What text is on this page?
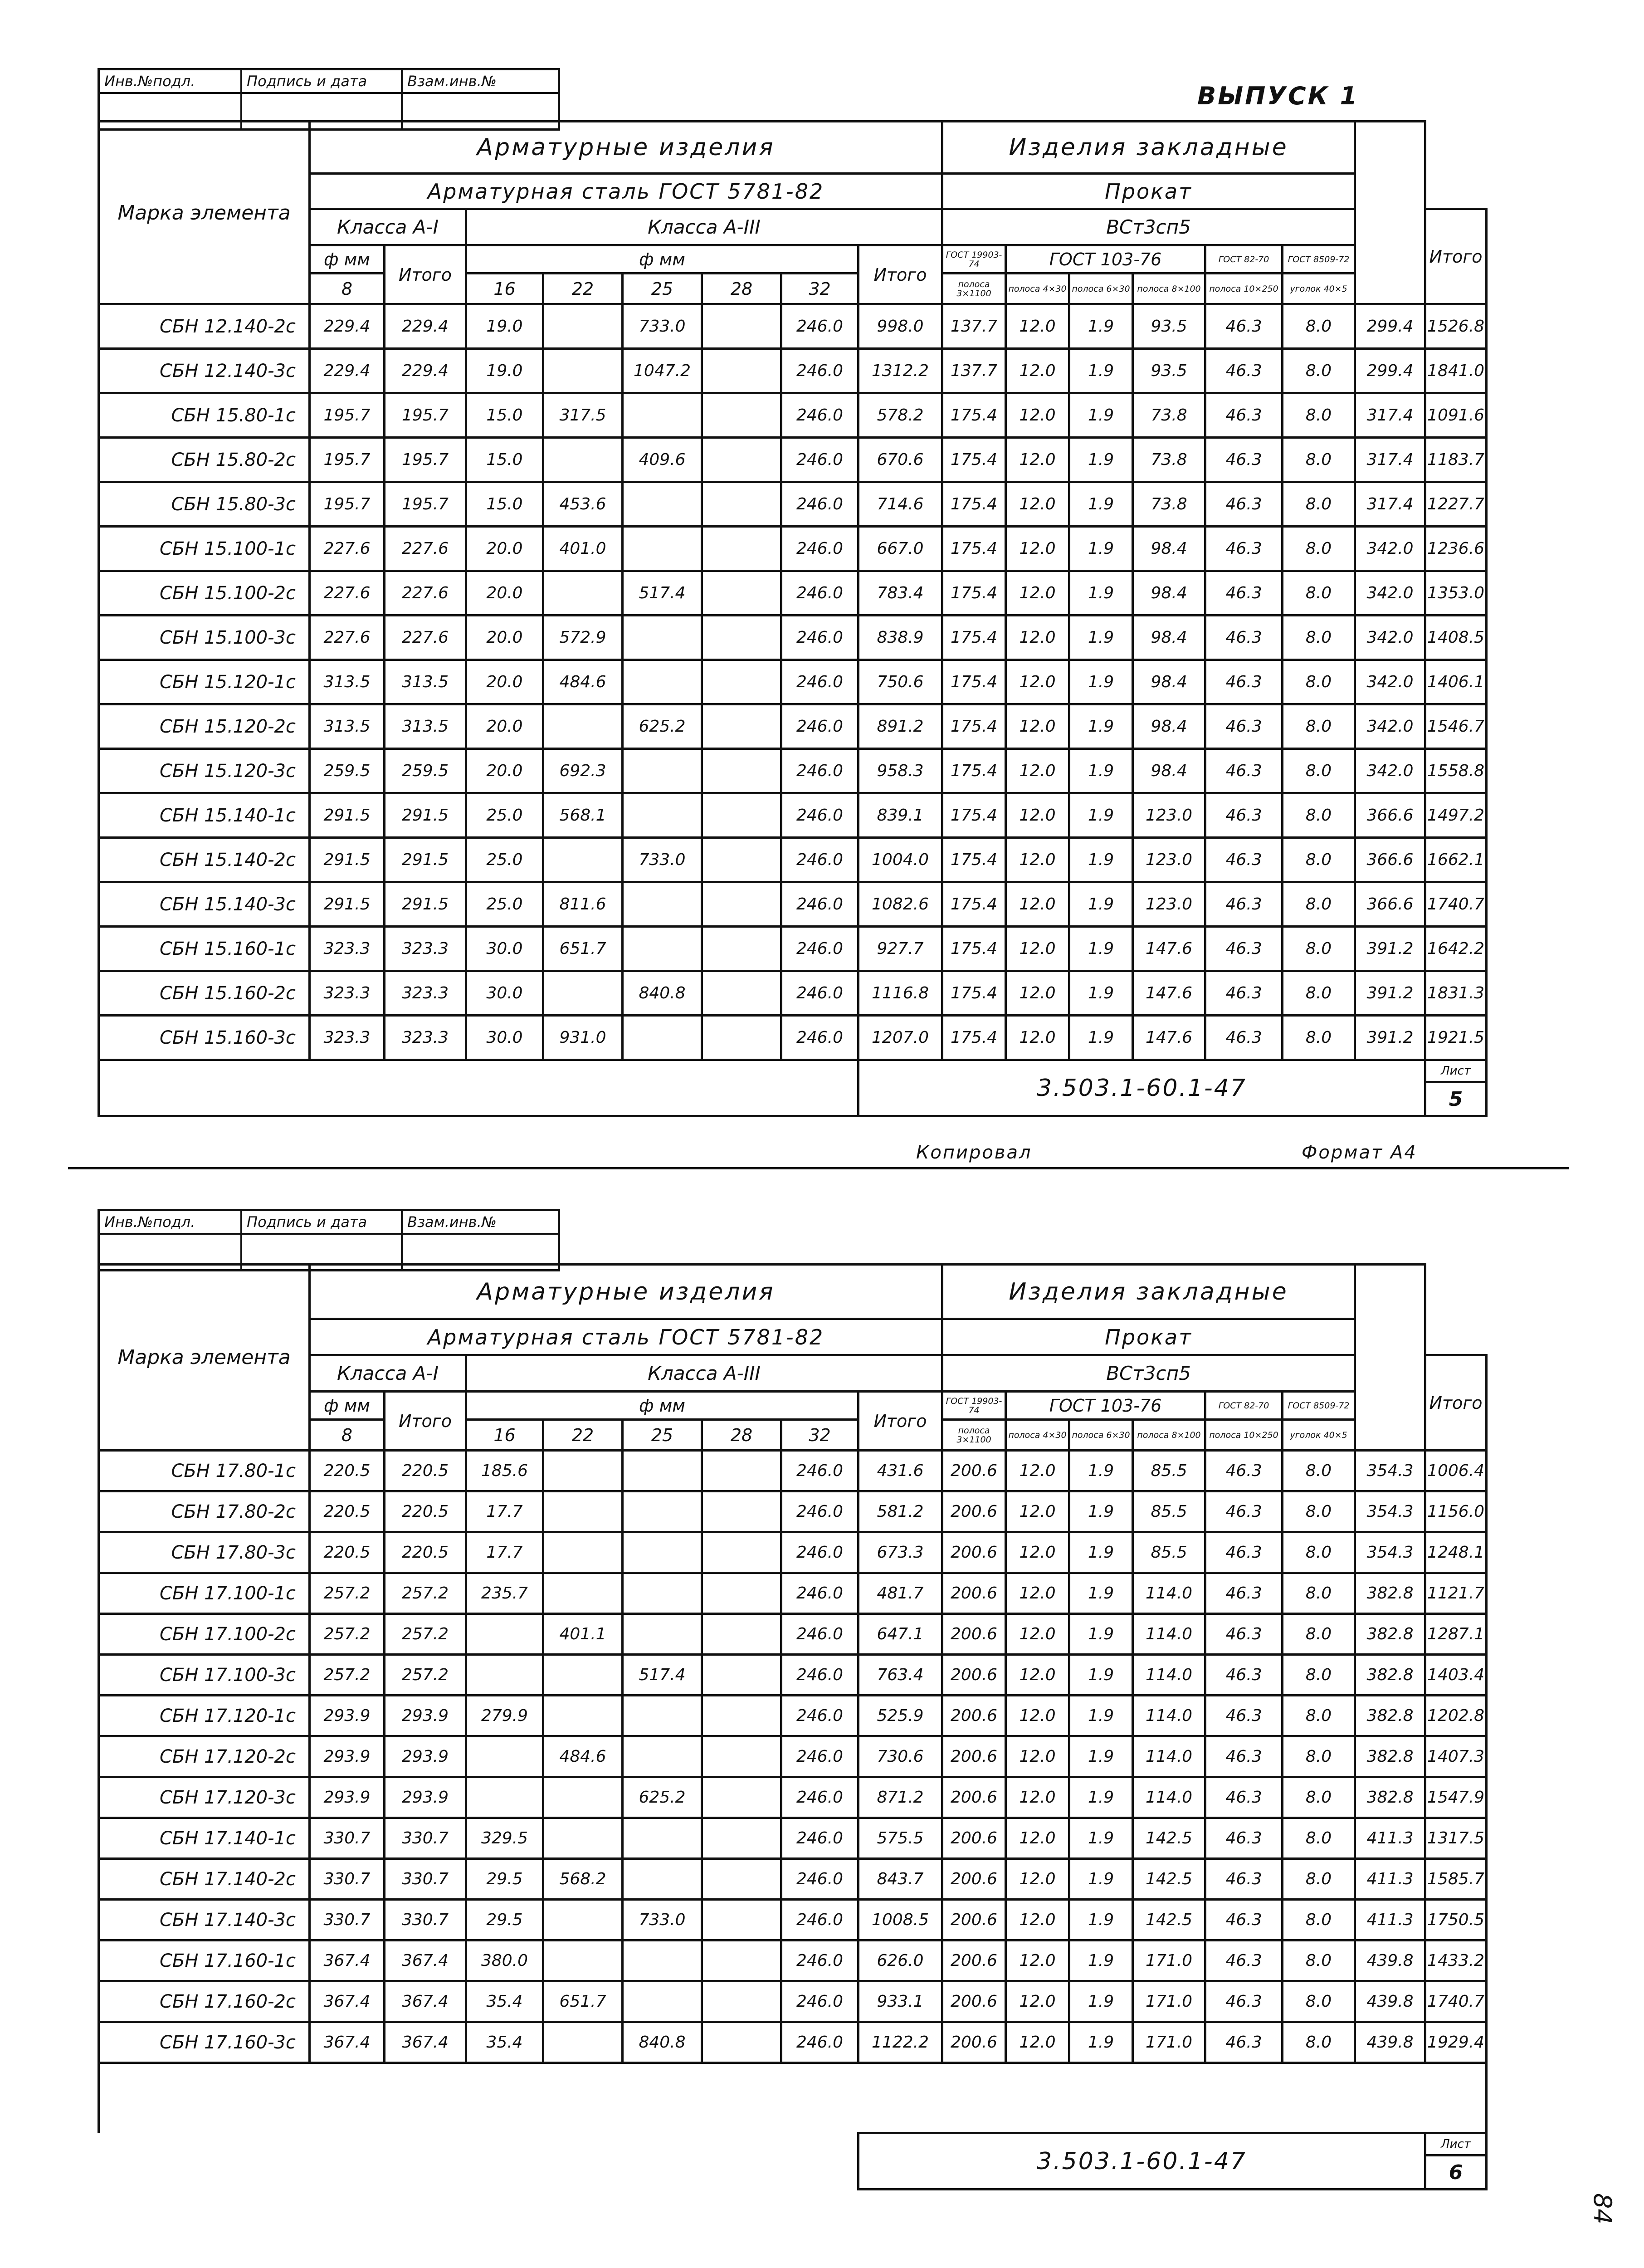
Инв.№подл.	Подпись и дата	Взам.инв.№
ВЫПУСК 1
Марка элемента	Арматурные изделия								Изделия закладные							
	Арматурная сталь ГОСТ 5781-82								Прокат							
	Класса А-I		Класса А-III						ВСт3сп5							Итого
	ф мм	Итого	ф мм					Итого	ГОСТ 19903-74	ГОСТ 103-76			ГОСТ 82-70	ГОСТ 8509-72		
	8		16	22	25	28	32		полоса 3×1100	полоса 4×30	полоса 6×30	полоса 8×100	полоса 10×250	уголок 40×5		
СБН 12.140-2с	229.4	229.4	19.0		733.0		246.0	998.0	137.7	12.0	1.9	93.5	46.3	8.0	299.4	1526.8
СБН 12.140-3с	229.4	229.4	19.0		1047.2		246.0	1312.2	137.7	12.0	1.9	93.5	46.3	8.0	299.4	1841.0
СБН 15.80-1с	195.7	195.7	15.0	317.5			246.0	578.2	175.4	12.0	1.9	73.8	46.3	8.0	317.4	1091.6
СБН 15.80-2с	195.7	195.7	15.0		409.6		246.0	670.6	175.4	12.0	1.9	73.8	46.3	8.0	317.4	1183.7
СБН 15.80-3с	195.7	195.7	15.0	453.6			246.0	714.6	175.4	12.0	1.9	73.8	46.3	8.0	317.4	1227.7
СБН 15.100-1с	227.6	227.6	20.0	401.0			246.0	667.0	175.4	12.0	1.9	98.4	46.3	8.0	342.0	1236.6
СБН 15.100-2с	227.6	227.6	20.0		517.4		246.0	783.4	175.4	12.0	1.9	98.4	46.3	8.0	342.0	1353.0
СБН 15.100-3с	227.6	227.6	20.0	572.9			246.0	838.9	175.4	12.0	1.9	98.4	46.3	8.0	342.0	1408.5
СБН 15.120-1с	313.5	313.5	20.0	484.6			246.0	750.6	175.4	12.0	1.9	98.4	46.3	8.0	342.0	1406.1
СБН 15.120-2с	313.5	313.5	20.0		625.2		246.0	891.2	175.4	12.0	1.9	98.4	46.3	8.0	342.0	1546.7
СБН 15.120-3с	259.5	259.5	20.0	692.3			246.0	958.3	175.4	12.0	1.9	98.4	46.3	8.0	342.0	1558.8
СБН 15.140-1с	291.5	291.5	25.0	568.1			246.0	839.1	175.4	12.0	1.9	123.0	46.3	8.0	366.6	1497.2
СБН 15.140-2с	291.5	291.5	25.0		733.0		246.0	1004.0	175.4	12.0	1.9	123.0	46.3	8.0	366.6	1662.1
СБН 15.140-3с	291.5	291.5	25.0	811.6			246.0	1082.6	175.4	12.0	1.9	123.0	46.3	8.0	366.6	1740.7
СБН 15.160-1с	323.3	323.3	30.0	651.7			246.0	927.7	175.4	12.0	1.9	147.6	46.3	8.0	391.2	1642.2
СБН 15.160-2с	323.3	323.3	30.0		840.8		246.0	1116.8	175.4	12.0	1.9	147.6	46.3	8.0	391.2	1831.3
СБН 15.160-3с	323.3	323.3	30.0	931.0			246.0	1207.0	175.4	12.0	1.9	147.6	46.3	8.0	391.2	1921.5
								3.503.1-60.1-47								Лист
																5
Копировал	Формат А4
Инв.№подл.	Подпись и дата	Взам.инв.№
Марка элемента	Арматурные изделия								Изделия закладные							
	Арматурная сталь ГОСТ 5781-82								Прокат							
	Класса А-I		Класса А-III						ВСт3сп5							Итого
	ф мм	Итого	ф мм					Итого	ГОСТ 19903-74	ГОСТ 103-76			ГОСТ 82-70	ГОСТ 8509-72		
	8		16	22	25	28	32		полоса 3×1100	полоса 4×30	полоса 6×30	полоса 8×100	полоса 10×250	уголок 40×5		
СБН 17.80-1с	220.5	220.5	185.6				246.0	431.6	200.6	12.0	1.9	85.5	46.3	8.0	354.3	1006.4
СБН 17.80-2с	220.5	220.5	17.7				246.0	581.2	200.6	12.0	1.9	85.5	46.3	8.0	354.3	1156.0
СБН 17.80-3с	220.5	220.5	17.7				246.0	673.3	200.6	12.0	1.9	85.5	46.3	8.0	354.3	1248.1
СБН 17.100-1с	257.2	257.2	235.7				246.0	481.7	200.6	12.0	1.9	114.0	46.3	8.0	382.8	1121.7
СБН 17.100-2с	257.2	257.2		401.1			246.0	647.1	200.6	12.0	1.9	114.0	46.3	8.0	382.8	1287.1
СБН 17.100-3с	257.2	257.2			517.4		246.0	763.4	200.6	12.0	1.9	114.0	46.3	8.0	382.8	1403.4
СБН 17.120-1с	293.9	293.9	279.9				246.0	525.9	200.6	12.0	1.9	114.0	46.3	8.0	382.8	1202.8
СБН 17.120-2с	293.9	293.9		484.6			246.0	730.6	200.6	12.0	1.9	114.0	46.3	8.0	382.8	1407.3
СБН 17.120-3с	293.9	293.9			625.2		246.0	871.2	200.6	12.0	1.9	114.0	46.3	8.0	382.8	1547.9
СБН 17.140-1с	330.7	330.7	329.5				246.0	575.5	200.6	12.0	1.9	142.5	46.3	8.0	411.3	1317.5
СБН 17.140-2с	330.7	330.7	29.5	568.2			246.0	843.7	200.6	12.0	1.9	142.5	46.3	8.0	411.3	1585.7
СБН 17.140-3с	330.7	330.7	29.5		733.0		246.0	1008.5	200.6	12.0	1.9	142.5	46.3	8.0	411.3	1750.5
СБН 17.160-1с	367.4	367.4	380.0				246.0	626.0	200.6	12.0	1.9	171.0	46.3	8.0	439.8	1433.2
СБН 17.160-2с	367.4	367.4	35.4	651.7			246.0	933.1	200.6	12.0	1.9	171.0	46.3	8.0	439.8	1740.7
СБН 17.160-3с	367.4	367.4	35.4		840.8		246.0	1122.2	200.6	12.0	1.9	171.0	46.3	8.0	439.8	1929.4

								3.503.1-60.1-47								Лист
																6
84
